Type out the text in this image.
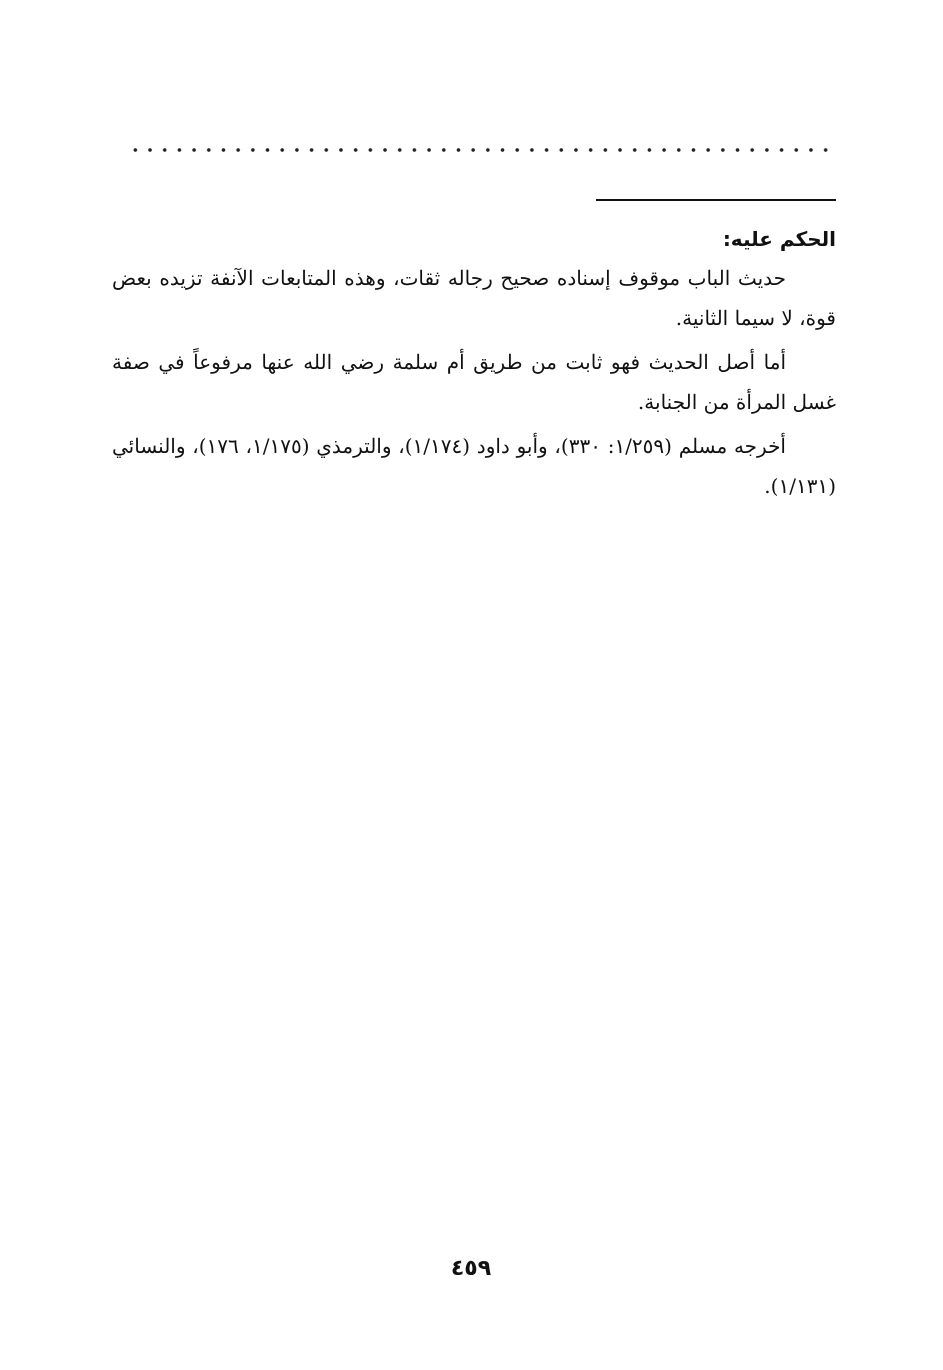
الحكم عليه:

حديث الباب موقوف إسناده صحيح رجاله ثقات، وهذه المتابعات الآنفة تزيده بعض قوة، لا سيما الثانية.

أما أصل الحديث فهو ثابت من طريق أم سلمة رضي الله عنها مرفوعاً في صفة غسل المرأة من الجنابة.

أخرجه مسلم (١/٢٥٩: ٣٣٠)، وأبو داود (١/١٧٤)، والترمذي (١/١٧٥، ١٧٦)، والنسائي (١/١٣١).

٤٥٩
